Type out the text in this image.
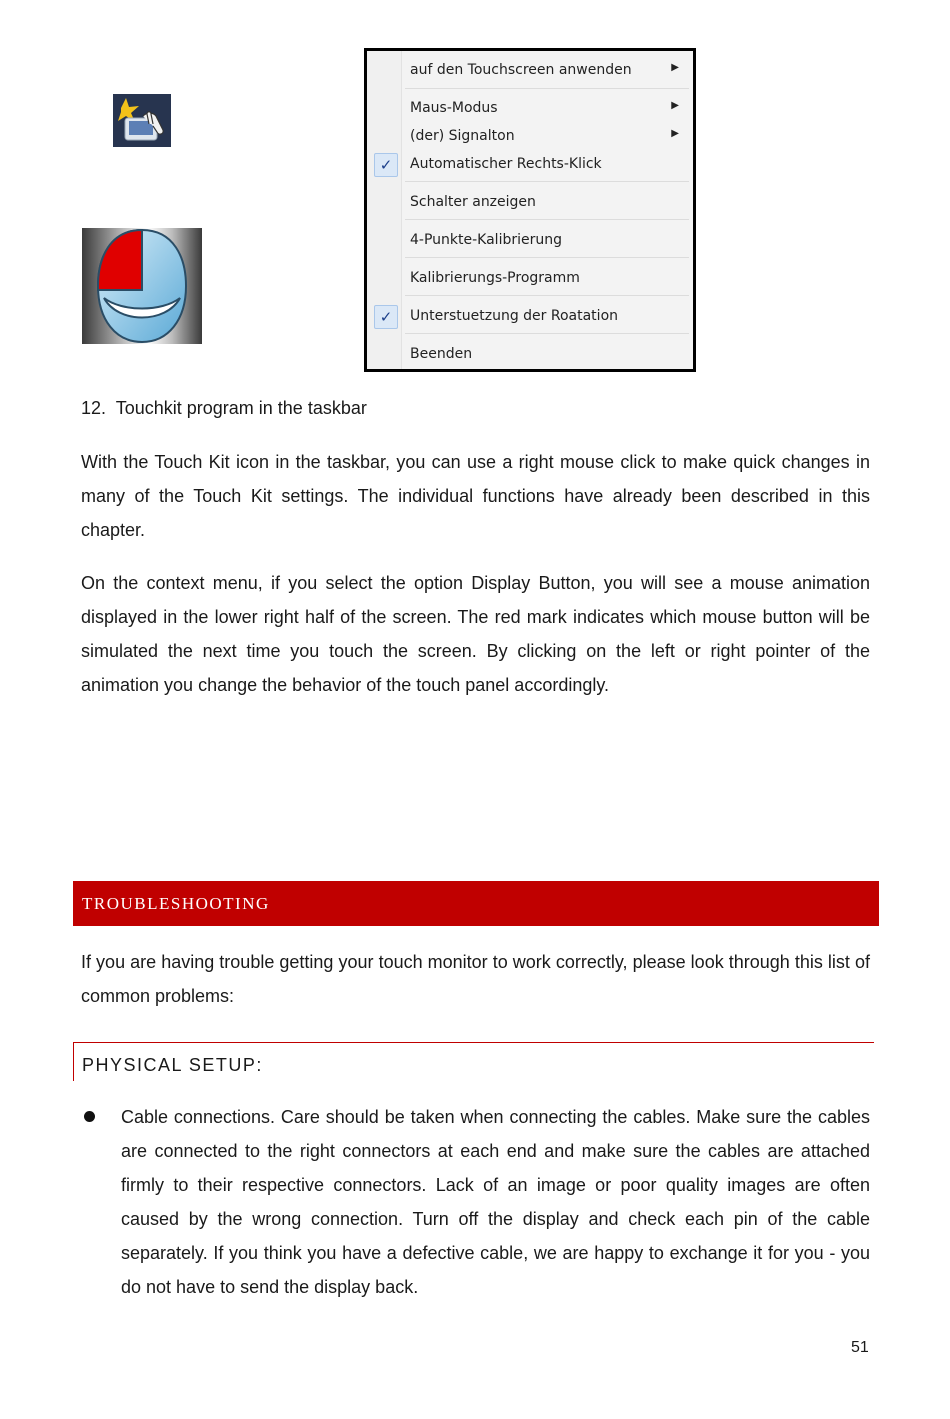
auf den Touchscreen anwenden	▶
Maus-Modus	▶
(der) Signalton	▶
✓	Automatischer Rechts-Klick
Schalter anzeigen
4-Punkte-Kalibrierung
Kalibrierungs-Programm
✓	Unterstuetzung der Roatation
Beenden
12. Touchkit program in the taskbar
With the Touch Kit icon in the taskbar, you can use a right mouse click to make quick changes in many of the Touch Kit settings. The individual functions have already been described in this chapter.
On the context menu, if you select the option Display Button, you will see a mouse animation displayed in the lower right half of the screen. The red mark indicates which mouse button will be simulated the next time you touch the screen. By clicking on the left or right pointer of the animation you change the behavior of the touch panel accordingly.
TROUBLESHOOTING
If you are having trouble getting your touch monitor to work correctly, please look through this list of common problems:
PHYSICAL SETUP:
Cable connections. Care should be taken when connecting the cables. Make sure the cables are connected to the right connectors at each end and make sure the cables are attached firmly to their respective connectors. Lack of an image or poor quality images are often caused by the wrong connection. Turn off the display and check each pin of the cable separately. If you think you have a defective cable, we are happy to exchange it for you - you do not have to send the display back.
51
